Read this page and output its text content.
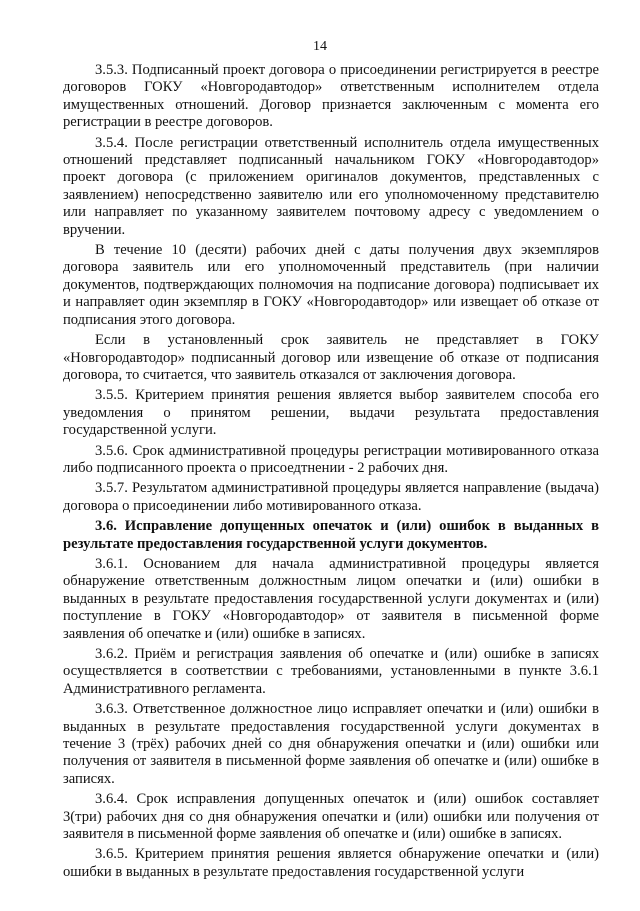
14

3.5.3. Подписанный проект договора о присоединении регистрируется в реестре договоров ГОКУ «Новгородавтодор» ответственным исполнителем отдела имущественных отношений. Договор признается заключенным с момента его регистрации в реестре договоров.

3.5.4. После регистрации ответственный исполнитель отдела имущественных отношений представляет подписанный начальником ГОКУ «Новгородавтодор» проект договора (с приложением оригиналов документов, представленных с заявлением) непосредственно заявителю или его уполномоченному представителю или направляет по указанному заявителем почтовому адресу с уведомлением о вручении.

В течение 10 (десяти) рабочих дней с даты получения двух экземпляров договора заявитель или его уполномоченный представитель (при наличии документов, подтверждающих полномочия на подписание договора) подписывает их и направляет один экземпляр в ГОКУ «Новгородавтодор» или извещает об отказе от подписания этого договора.

Если в установленный срок заявитель не представляет в ГОКУ «Новгородавтодор» подписанный договор или извещение об отказе от подписания договора, то считается, что заявитель отказался от заключения договора.

3.5.5. Критерием принятия решения является выбор заявителем способа его уведомления о принятом решении, выдачи результата предоставления государственной услуги.

3.5.6. Срок административной процедуры регистрации мотивированного отказа либо подписанного проекта о присоедтнении - 2 рабочих дня.

3.5.7. Результатом административной процедуры является направление (выдача) договора о присоединении либо мотивированного отказа.

3.6. Исправление допущенных опечаток и (или) ошибок в выданных в результате предоставления государственной услуги документов.

3.6.1. Основанием для начала административной процедуры является обнаружение ответственным должностным лицом опечатки и (или) ошибки в выданных в результате предоставления государственной услуги документах и (или) поступление в ГОКУ «Новгородавтодор» от заявителя в письменной форме заявления об опечатке и (или) ошибке в записях.

3.6.2. Приём и регистрация заявления об опечатке и (или) ошибке в записях осуществляется в соответствии с требованиями, установленными в пункте 3.6.1 Административного регламента.

3.6.3. Ответственное должностное лицо исправляет опечатки и (или) ошибки в выданных в результате предоставления государственной услуги документах в течение 3 (трёх) рабочих дней со дня обнаружения опечатки и (или) ошибки или получения от заявителя в письменной форме заявления об опечатке и (или) ошибке в записях.

3.6.4. Срок исправления допущенных опечаток и (или) ошибок составляет 3(три) рабочих дня со дня обнаружения опечатки и (или) ошибки или получения от заявителя в письменной форме заявления об опечатке и (или) ошибке в записях.

3.6.5. Критерием принятия решения является обнаружение опечатки и (или) ошибки в выданных в результате предоставления государственной услуги
